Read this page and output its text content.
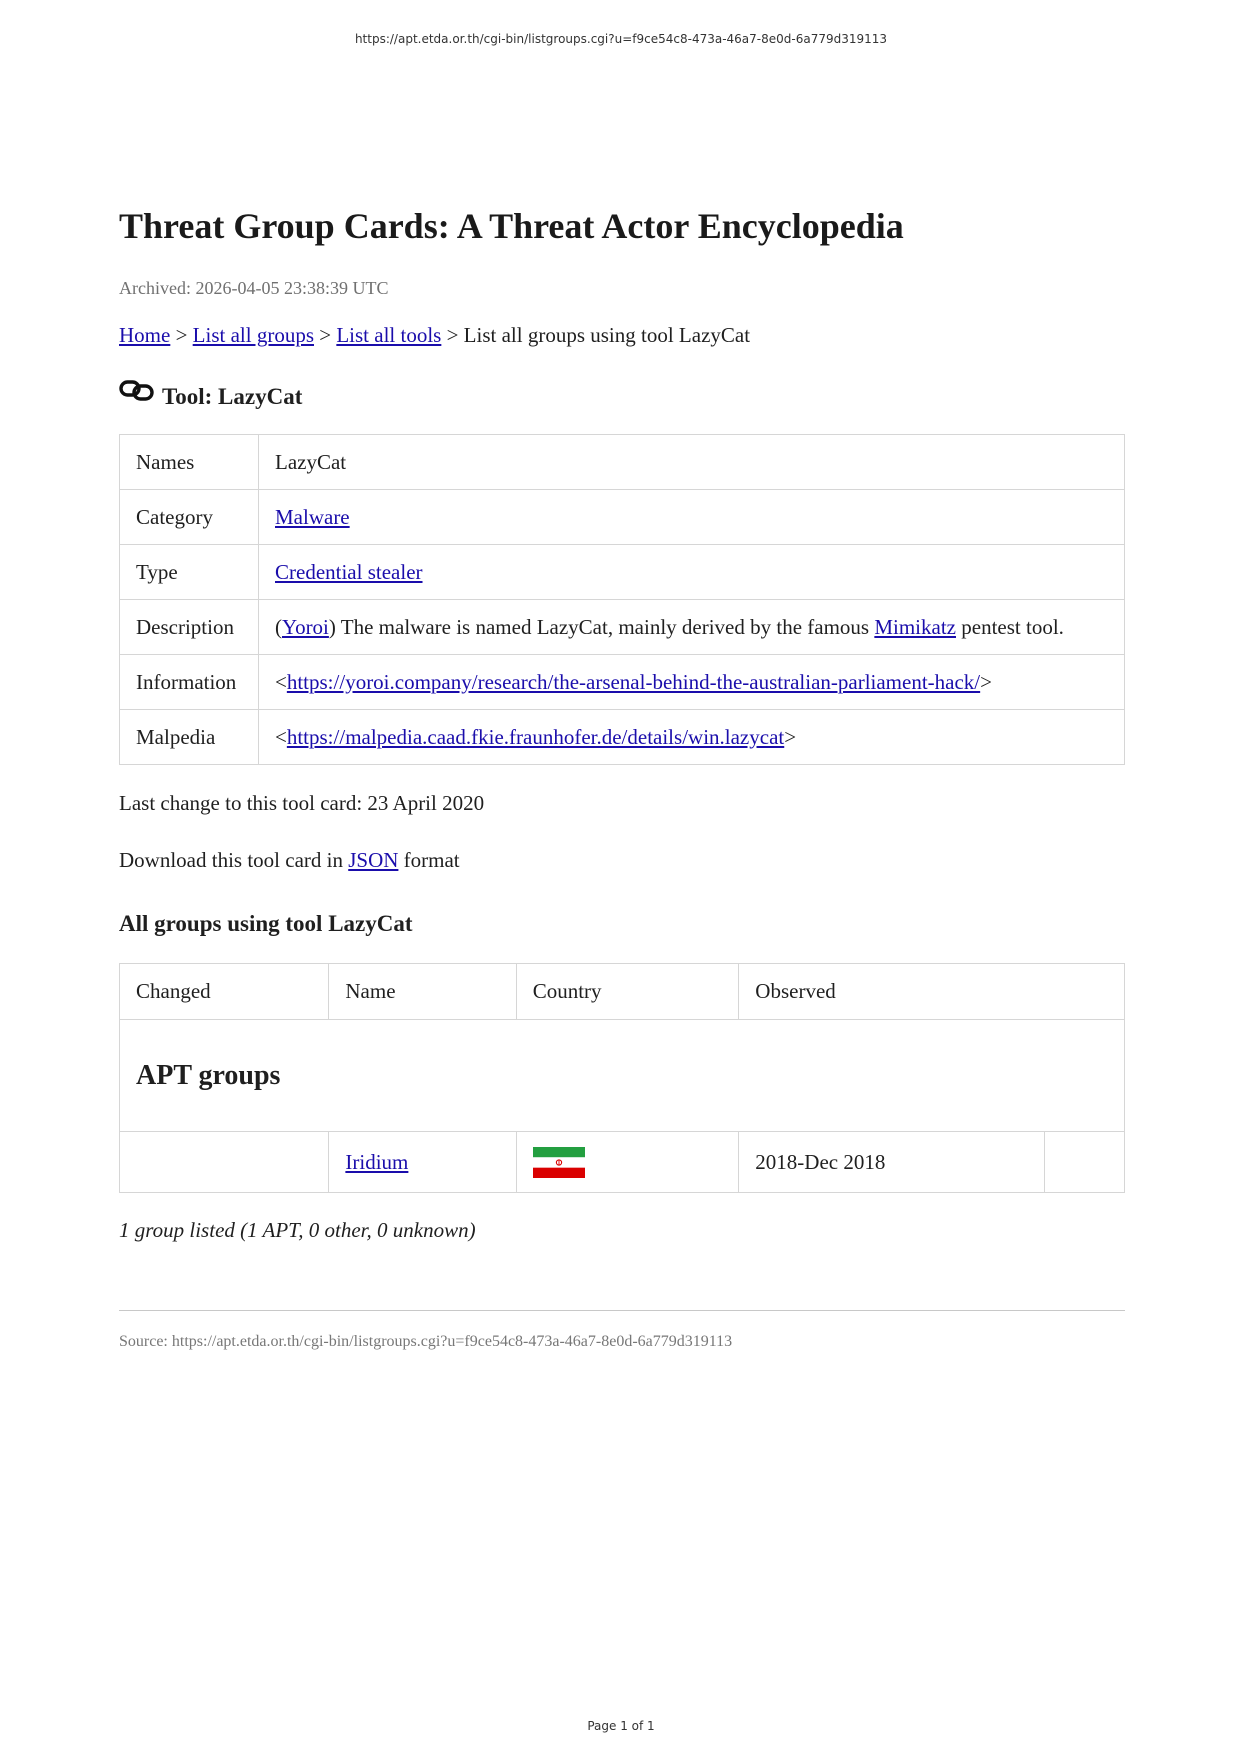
https://apt.etda.or.th/cgi-bin/listgroups.cgi?u=f9ce54c8-473a-46a7-8e0d-6a779d319113
Threat Group Cards: A Threat Actor Encyclopedia
Archived: 2026-04-05 23:38:39 UTC
Home > List all groups > List all tools > List all groups using tool LazyCat
Tool: LazyCat
Names	LazyCat
Category	Malware
Type	Credential stealer
Description	(Yoroi) The malware is named LazyCat, mainly derived by the famous Mimikatz pentest tool.
Information	<https://yoroi.company/research/the-arsenal-behind-the-australian-parliament-hack/>
Malpedia	<https://malpedia.caad.fkie.fraunhofer.de/details/win.lazycat>
Last change to this tool card: 23 April 2020
Download this tool card in JSON format
All groups using tool LazyCat
Changed	Name	Country	Observed	
APT groups				
	Iridium		2018-Dec 2018	
1 group listed (1 APT, 0 other, 0 unknown)
Source: https://apt.etda.or.th/cgi-bin/listgroups.cgi?u=f9ce54c8-473a-46a7-8e0d-6a779d319113
Page 1 of 1
